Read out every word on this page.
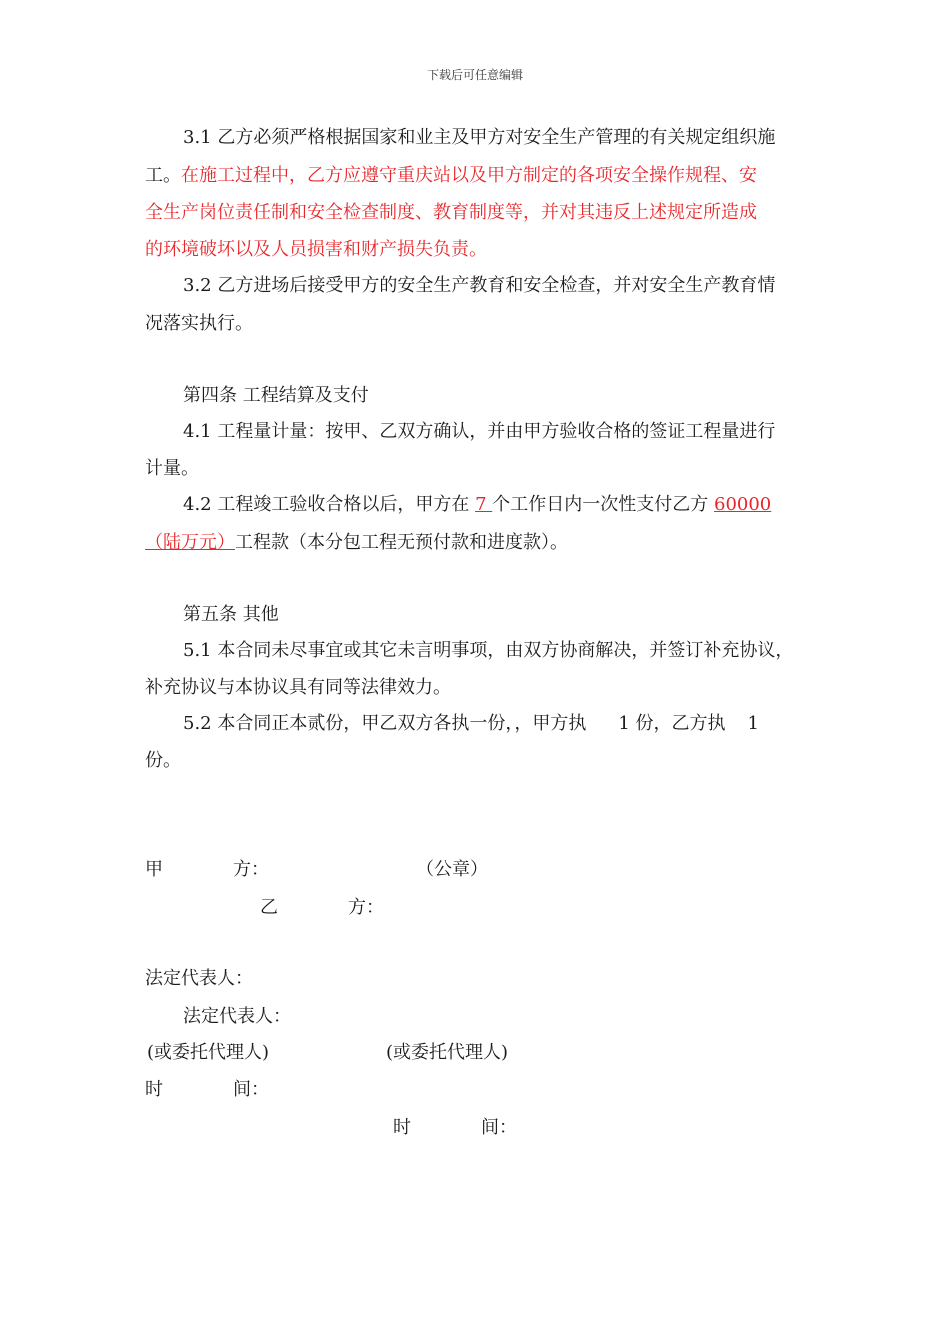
下载后可任意编辑
3.1 乙方必须严格根据国家和业主及甲方对安全生产管理的有关规定组织施
工。在施工过程中，乙方应遵守重庆站以及甲方制定的各项安全操作规程、安
全生产岗位责任制和安全检查制度、教育制度等，并对其违反上述规定所造成
的环境破坏以及人员损害和财产损失负责。
3.2 乙方进场后接受甲方的安全生产教育和安全检查，并对安全生产教育情
况落实执行。
第四条 工程结算及支付
4.1 工程量计量：按甲、乙双方确认，并由甲方验收合格的签证工程量进行
计量。
4.2 工程竣工验收合格以后，甲方在 7 个工作日内一次性支付乙方 60000
（陆万元）工程款（本分包工程无预付款和进度款）。
第五条 其他
5.1 本合同未尽事宜或其它未言明事项，由双方协商解决，并签订补充协议，
补充协议与本协议具有同等法律效力。
5.2 本合同正本贰份，甲乙双方各执一份，，甲方执 1 份，乙方执 1
份。
甲	方：	（公章）
乙	方：
法定代表人：
法定代表人：
(或委托代理人)	(或委托代理人)
时	间：
时	间：
